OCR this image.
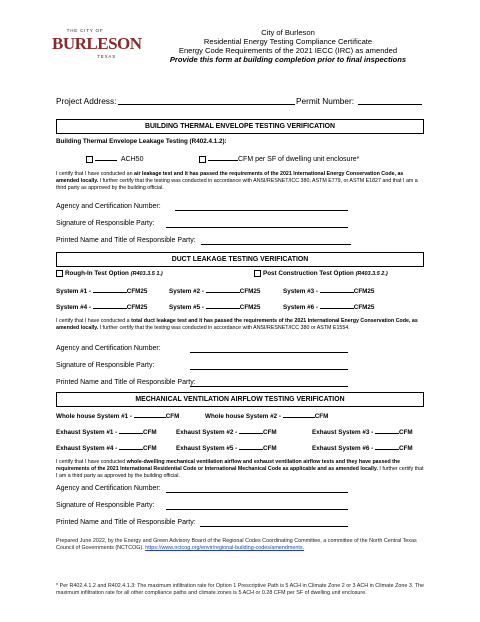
THE CITY OF
BURLESON
TEXAS
City of Burleson
Residential Energy Testing Compliance Certificate
Energy Code Requirements of the 2021 IECC (IRC) as amended
Provide this form at building completion prior to final inspections
Project Address:	Permit Number:
BUILDING THERMAL ENVELOPE TESTING VERIFICATION
Building Thermal Envelope Leakage Testing (R402.4.1.2):
ACH50	CFM per SF of dwelling unit enclosure*
I certify that I have conducted an air leakage test and it has passed the requirements of the 2021 International Energy Conservation Code, as amended locally. I further certify that the testing was conducted in accordance with ANSI/RESNET/ICC 380, ASTM E779, or ASTM E1827 and that I am a third party as approved by the building official.
Agency and Certification Number:
Signature of Responsible Party:
Printed Name and Title of Responsible Party:
DUCT LEAKAGE TESTING VERIFICATION
Rough-In Test Option (R403.3.5 1.)	Post Construction Test Option (R403.3.5 2.)
System #1 -	CFM25	System #2 -	CFM25	System #3 -	CFM25
System #4 -	CFM25	System #5 -	CFM25	System #6 -	CFM25
I certify that I have conducted a total duct leakage test and it has passed the requirements of the 2021 International Energy Conservation Code, as amended locally. I further certify that the testing was conducted in accordance with ANSI/RESNET/ICC 380 or ASTM E1554.
Agency and Certification Number:
Signature of Responsible Party:
Printed Name and Title of Responsible Party:
MECHANICAL VENTILATION AIRFLOW TESTING VERIFICATION
Whole house System #1 -	CFM	Whole house System #2 -	CFM
Exhaust System #1 -	CFM	Exhaust System #2 -	CFM	Exhaust System #3 -	CFM
Exhaust System #4 -	CFM	Exhaust System #5 -	CFM	Exhaust System #6 -	CFM
I certify that I have conducted whole-dwelling mechanical ventilation airflow and exhaust ventilation airflow tests and they have passed the requirements of the 2021 International Residential Code or International Mechanical Code as applicable and as amended locally. I further certify that I am a third party as approved by the building official.
Agency and Certification Number:
Signature of Responsible Party:
Printed Name and Title of Responsible Party:
Prepared June 2022, by the Energy and Green Advisory Board of the Regional Codes Coordinating Committee, a committee of the North Central Texas Council of Governments (NCTCOG). https://www.nctcog.org/envir/regional-building-codes/amendments.
* Per R402.4.1.2 and R402.4.1.3: The maximum infiltration rate for Option 1 Prescriptive Path is 5 ACH in Climate Zone 2 or 3 ACH in Climate Zone 3. The maximum infiltration rate for all other compliance paths and climate zones is 5 ACH or 0.28 CFM per SF of dwelling unit enclosure.
